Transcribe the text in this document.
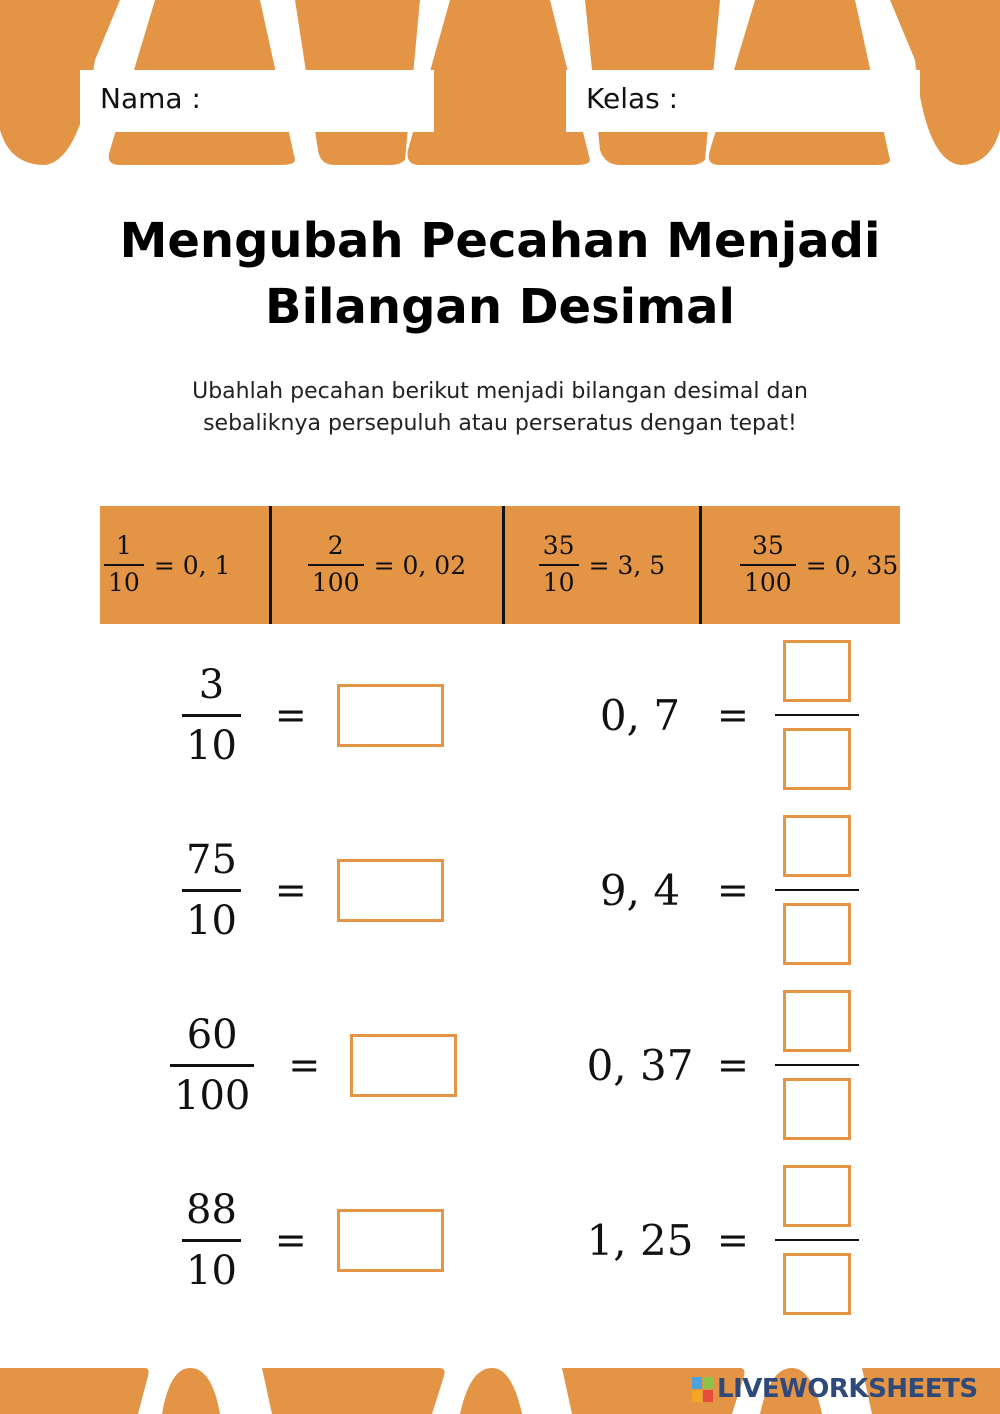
Nama :	Kelas :
Mengubah Pecahan Menjadi
Bilangan Desimal
Ubahlah pecahan berikut menjadi bilangan desimal dan
sebaliknya persepuluh atau perseratus dengan tepat!
$\frac{1}{10} = 0$, 1	$\frac{2}{100} = 0$, 02	$\frac{35}{10} = 3$, 5	$\frac{35}{100} = 0$, 35
$\frac{3}{10}$ =
$\frac{75}{10}$ =
$\frac{60}{100}$ =
$\frac{88}{10}$ =
0, 7 =
9, 4 =
0, 37 =
1, 25 =
LIVEWORKSHEETS
